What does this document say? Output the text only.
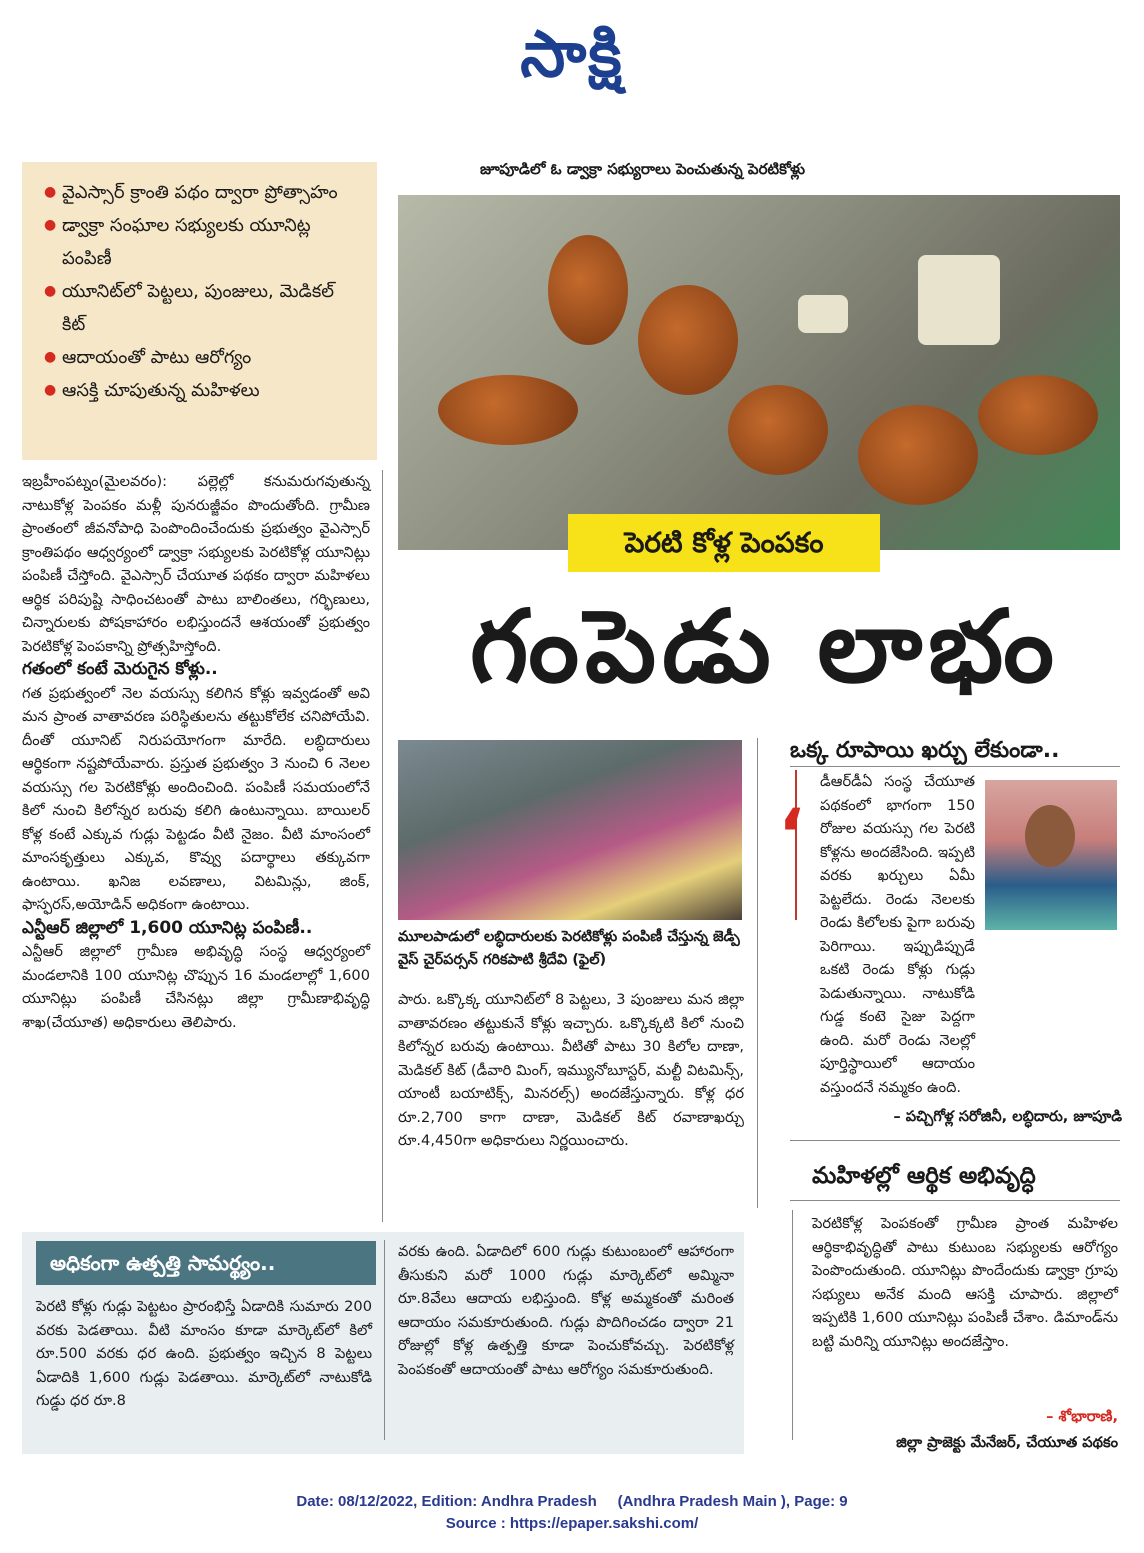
సాక్షి
జూపూడిలో ఓ డ్వాక్రా సభ్యురాలు పెంచుతున్న పెరటికోళ్లు
● వైఎస్సార్ క్రాంతి పథం ద్వారా ప్రోత్సాహం
● డ్వాక్రా సంఘాల సభ్యులకు యూనిట్ల పంపిణీ
● యూనిట్‌లో పెట్టలు, పుంజులు, మెడికల్ కిట్
● ఆదాయంతో పాటు ఆరోగ్యం
● ఆసక్తి చూపుతున్న మహిళలు
పెరటి కోళ్ల పెంపకం
గంపెడు లాభం
ఇబ్రహీంపట్నం(మైలవరం): పల్లెల్లో కనుమరుగవుతున్న నాటుకోళ్ల పెంపకం మళ్లీ పునరుజ్జీవం పొందుతోంది. గ్రామీణ ప్రాంతంలో జీవనోపాధి పెంపొందించేందుకు ప్రభుత్వం వైఎస్సార్ క్రాంతిపథం ఆధ్వర్యంలో డ్వాక్రా సభ్యులకు పెరటికోళ్ల యూనిట్లు పంపిణీ చేస్తోంది. వైఎస్సార్ చేయూత పథకం ద్వారా మహిళలు ఆర్థిక పరిపుష్టి సాధించటంతో పాటు బాలింతలు, గర్భిణులు, చిన్నారులకు పోషకాహారం లభిస్తుందనే ఆశయంతో ప్రభుత్వం పెరటికోళ్ల పెంపకాన్ని ప్రోత్సహిస్తోంది.
గతంలో కంటే మెరుగైన కోళ్లు..
గత ప్రభుత్వంలో నెల వయస్సు కలిగిన కోళ్లు ఇవ్వడంతో అవి మన ప్రాంత వాతావరణ పరిస్థితులను తట్టుకోలేక చనిపోయేవి. దీంతో యూనిట్ నిరుపయోగంగా మారేది. లబ్ధిదారులు ఆర్థికంగా నష్టపోయేవారు. ప్రస్తుత ప్రభుత్వం 3 నుంచి 6 నెలల వయస్సు గల పెరటికోళ్లు అందించింది. పంపిణీ సమయంలోనే కిలో నుంచి కిలోన్నర బరువు కలిగి ఉంటున్నాయి. బాయిలర్ కోళ్ల కంటే ఎక్కువ గుడ్లు పెట్టడం వీటి నైజం. వీటి మాంసంలో మాంసకృత్తులు ఎక్కువ, కొవ్వు పదార్థాలు తక్కువగా ఉంటాయి. ఖనిజ లవణాలు, విటమిన్లు, జింక్, ఫాస్ఫరస్,అయోడిన్ అధికంగా ఉంటాయి.
ఎన్టీఆర్ జిల్లాలో 1,600 యూనిట్ల పంపిణీ..
ఎన్టీఆర్ జిల్లాలో గ్రామీణ అభివృద్ధి సంస్థ ఆధ్వర్యంలో మండలానికి 100 యూనిట్ల చొప్పున 16 మండలాల్లో 1,600 యూనిట్లు పంపిణీ చేసినట్లు జిల్లా గ్రామీణాభివృద్ధి శాఖ(చేయూత) అధికారులు తెలిపారు.
మూలపాడులో లబ్ధిదారులకు పెరటికోళ్లు పంపిణీ చేస్తున్న జెడ్పీ వైస్ చైర్‌పర్సన్ గరికపాటి శ్రీదేవి (ఫైల్)
పారు. ఒక్కొక్క యూనిట్‌లో 8 పెట్టలు, 3 పుంజులు మన జిల్లా వాతావరణం తట్టుకునే కోళ్లు ఇచ్చారు. ఒక్కొక్కటి కిలో నుంచి కిలోన్నర బరువు ఉంటాయి. వీటితో పాటు 30 కిలోల దాణా, మెడికల్ కిట్ (డీవారి మింగ్, ఇమ్యునోబూస్టర్, మల్టీ విటమిన్స్, యాంటీ బయాటిక్స్, మినరల్స్) అందజేస్తున్నారు. కోళ్ల ధర రూ.2,700 కాగా దాణా, మెడికల్ కిట్ రవాణాఖర్చు రూ.4,450గా అధికారులు నిర్ణయించారు.
ఒక్క రూపాయి ఖర్చు లేకుండా..
‘
డీఆర్‌డీఏ సంస్థ చేయూత పథకంలో భాగంగా 150 రోజుల వయస్సు గల పెరటి కోళ్లను అందజేసింది. ఇప్పటి వరకు ఖర్చులు ఏమీ పెట్టలేదు. రెండు నెలలకు రెండు కిలోలకు పైగా బరువు పెరిగాయి. ఇప్పుడిప్పుడే ఒకటి రెండు కోళ్లు గుడ్లు పెడుతున్నాయి. నాటుకోడి గుడ్డ కంటె సైజు పెద్దగా ఉంది. మరో రెండు నెలల్లో పూర్తిస్థాయిలో ఆదాయం వస్తుందనే నమ్మకం ఉంది.
– పచ్చిగోళ్ల సరోజినీ, లబ్ధిదారు, జూపూడి
మహిళల్లో ఆర్థిక అభివృద్ధి
పెరటికోళ్ల పెంపకంతో గ్రామీణ ప్రాంత మహిళల ఆర్థికాభివృద్ధితో పాటు కుటుంబ సభ్యులకు ఆరోగ్యం పెంపొందుతుంది. యూనిట్లు పొందేందుకు డ్వాక్రా గ్రూపు సభ్యులు అనేక మంది ఆసక్తి చూపారు. జిల్లాలో ఇప్పటికి 1,600 యూనిట్లు పంపిణీ చేశాం. డిమాండ్‌ను బట్టి మరిన్ని యూనిట్లు అందజేస్తాం.
– శోభారాణి,
జిల్లా ప్రాజెక్టు మేనేజర్, చేయూత పథకం
అధికంగా ఉత్పత్తి సామర్థ్యం..
పెరటి కోళ్లు గుడ్లు పెట్టటం ప్రారంభిస్తే ఏడాదికి సుమారు 200 వరకు పెడతాయి. వీటి మాంసం కూడా మార్కెట్‌లో కిలో రూ.500 వరకు ధర ఉంది. ప్రభుత్వం ఇచ్చిన 8 పెట్టలు ఏడాదికి 1,600 గుడ్లు పెడతాయి. మార్కెట్‌లో నాటుకోడి గుడ్డు ధర రూ.8
వరకు ఉంది. ఏడాదిలో 600 గుడ్లు కుటుంబంలో ఆహారంగా తీసుకుని మరో 1000 గుడ్లు మార్కెట్‌లో అమ్మినా రూ.8వేలు ఆదాయ లభిస్తుంది. కోళ్ల అమ్మకంతో మరింత ఆదాయం సమకూరుతుంది. గుడ్లు పొదిగించడం ద్వారా 21 రోజుల్లో కోళ్ల ఉత్పత్తి కూడా పెంచుకోవచ్చు. పెరటికోళ్ల పెంపకంతో ఆదాయంతో పాటు ఆరోగ్యం సమకూరుతుంది.
Date: 08/12/2022, Edition: Andhra Pradesh     (Andhra Pradesh Main ), Page: 9
Source : https://epaper.sakshi.com/
